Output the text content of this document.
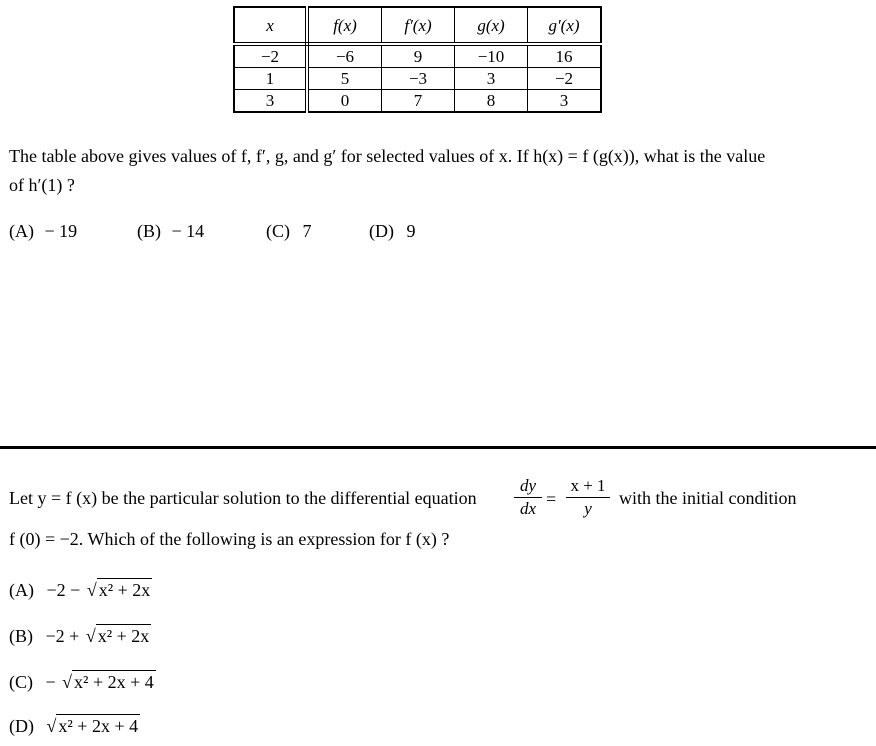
x	f(x)	f′(x)	g(x)	g′(x)
−2	−6	9	−10	16
1	5	−3	3	−2
3	0	7	8	3
The table above gives values of f, f′, g, and g′ for selected values of x. If h(x) = f (g(x)), what is the value
of h′(1) ?
(A) − 19	(B) − 14	(C) 7	(D) 9
Let y = f (x) be the particular solution to the differential equation
dy
dx =
x + 1
y
with the initial condition
f (0) = −2. Which of the following is an expression for f (x) ?
(A) −2 − √ x² + 2x
(B) −2 + √ x² + 2x
(C) − √ x² + 2x + 4
(D) √ x² + 2x + 4
